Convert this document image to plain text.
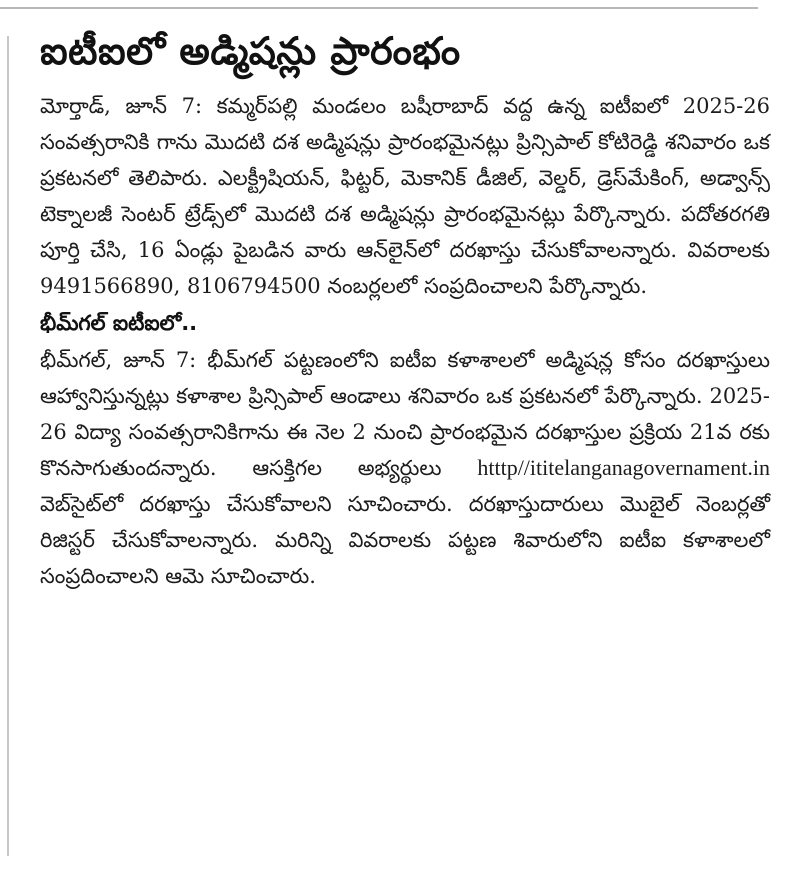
ఐటీఐలో అడ్మిషన్లు ప్రారంభం

మోర్తాడ్, జూన్ 7: కమ్మర్‌పల్లి మండలం బషీరాబాద్ వద్ద ఉన్న ఐటీఐలో 2025-26 సంవత్సరానికి గాను మొదటి దశ అడ్మిషన్లు ప్రారంభమైనట్లు ప్రిన్సిపాల్ కోటిరెడ్డి శనివారం ఒక ప్రకటనలో తెలిపారు. ఎలక్ట్రీషియన్, ఫిట్టర్, మెకానిక్ డీజిల్, వెల్డర్, డ్రెస్‌మేకింగ్, అడ్వాన్స్ టెక్నాలజీ సెంటర్ ట్రేడ్స్‌లో మొదటి దశ అడ్మిషన్లు ప్రారంభమైనట్లు పేర్కొన్నారు. పదోతరగతి పూర్తి చేసి, 16 ఏండ్లు పైబడిన వారు ఆన్‌లైన్‌లో దరఖాస్తు చేసుకోవాలన్నారు. వివరాలకు 9491566890, 8106794500 నంబర్లలలో సంప్రదించాలని పేర్కొన్నారు.

భీమ్‌గల్ ఐటీఐలో..

భీమ్‌గల్, జూన్ 7: భీమ్‌గల్ పట్టణంలోని ఐటీఐ కళాశాలలో అడ్మిషన్ల కోసం దరఖాస్తులు ఆహ్వానిస్తున్నట్లు కళాశాల ప్రిన్సిపాల్ ఆండాలు శనివారం ఒక ప్రకటనలో పేర్కొన్నారు. 2025-26 విద్యా సంవత్సరానికిగాను ఈ నెల 2 నుంచి ప్రారంభమైన దరఖాస్తుల ప్రక్రియ 21వ రకు కొనసాగుతుందన్నారు. ఆసక్తిగల అభ్యర్థులు htttp//ititelanganagovernament.in వెబ్‌సైట్‌లో దరఖాస్తు చేసుకోవాలని సూచించారు. దరఖాస్తుదారులు మొబైల్ నెంబర్లతో రిజిస్టర్ చేసుకోవాలన్నారు. మరిన్ని వివరాలకు పట్టణ శివారులోని ఐటీఐ కళాశాలలో సంప్రదించాలని ఆమె సూచించారు.
